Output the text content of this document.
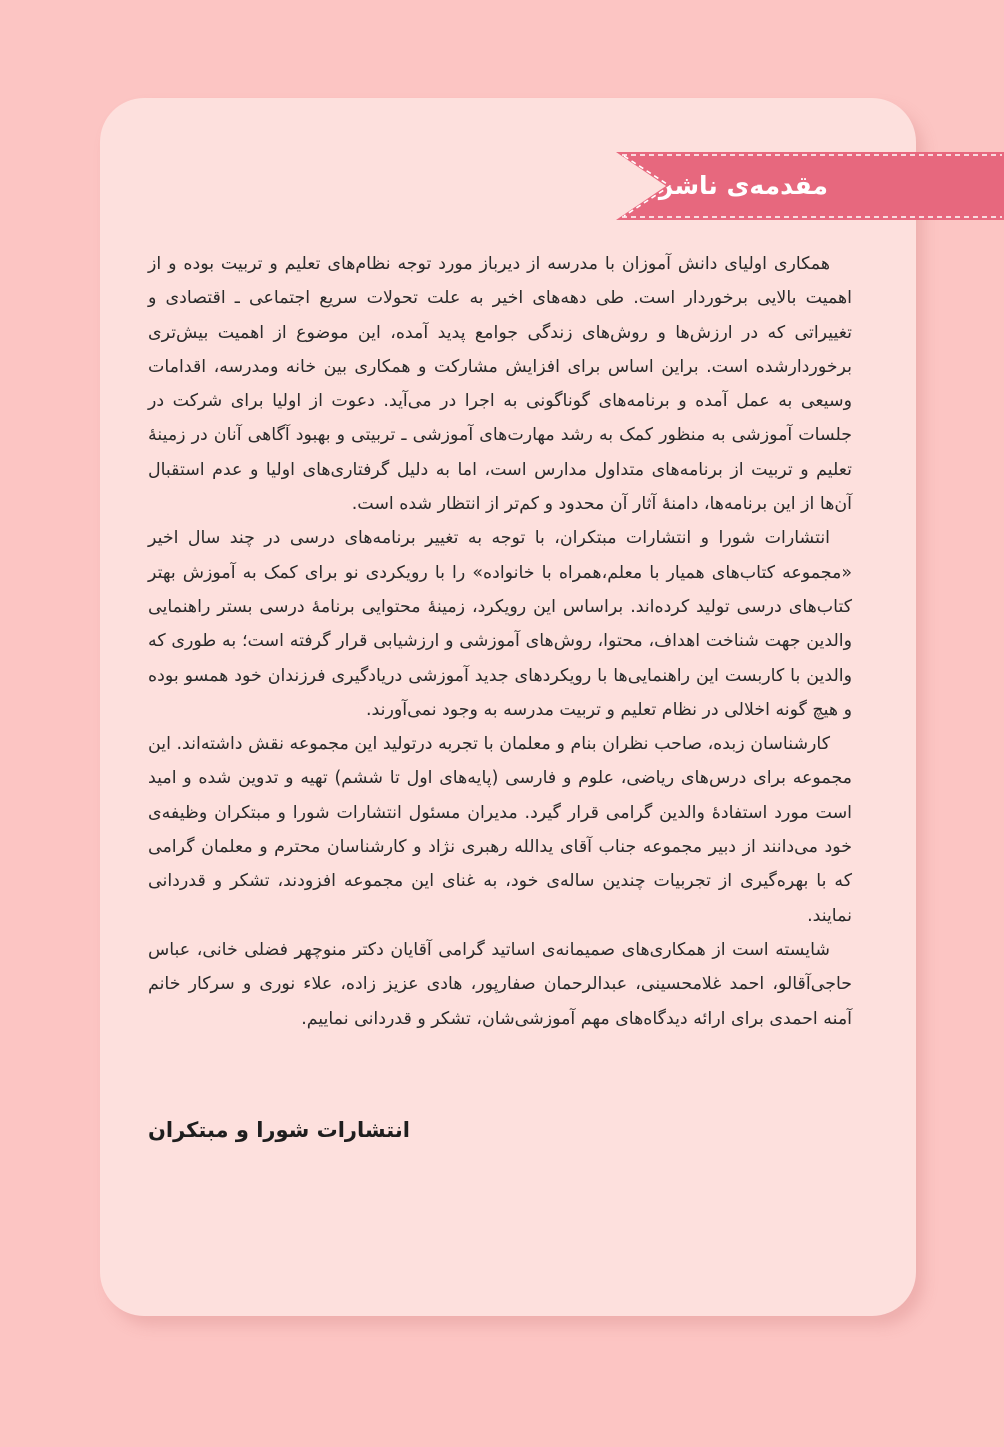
مقدمه‌ی ناشر

همکاری اولیای دانش آموزان با مدرسه از دیرباز مورد توجه نظام‌های تعلیم و تربیت بوده و از اهمیت بالایی برخوردار است. طی دهه‌های اخیر به علت تحولات سریع اجتماعی ـ اقتصادی و تغییراتی که در ارزش‌ها و روش‌های زندگی جوامع پدید آمده، این موضوع از اهمیت بیش‌تری برخوردارشده است. براین اساس برای افزایش مشارکت و همکاری بین خانه ومدرسه، اقدامات وسیعی به عمل آمده و برنامه‌های گوناگونی به اجرا در می‌آید. دعوت از اولیا برای شرکت در جلسات آموزشی به منظور کمک به رشد مهارت‌های آموزشی ـ تربیتی و بهبود آگاهی آنان در زمینهٔ تعلیم و تربیت از برنامه‌های متداول مدارس است، اما به دلیل گرفتاری‌های اولیا و عدم استقبال آن‌ها از این برنامه‌ها، دامنهٔ آثار آن محدود و کم‌تر از انتظار شده است.

انتشارات شورا و انتشارات مبتکران، با توجه به تغییر برنامه‌های درسی در چند سال اخیر «مجموعه کتاب‌های همیار با معلم،همراه با خانواده» را با رویکردی نو برای کمک به آموزش بهتر کتاب‌های درسی تولید کرده‌اند. براساس این رویکرد، زمینهٔ محتوایی برنامهٔ درسی بستر راهنمایی والدین جهت شناخت اهداف، محتوا، روش‌های آموزشی و ارزشیابی قرار گرفته است؛ به طوری که والدین با کاربست این راهنمایی‌ها با رویکردهای جدید آموزشی دریادگیری فرزندان خود همسو بوده و هیچ گونه اخلالی در نظام تعلیم و تربیت مدرسه به وجود نمی‌آورند.

کارشناسان زبده، صاحب نظران بنام و معلمان با تجربه درتولید این مجموعه نقش داشته‌اند. این مجموعه برای درس‌های ریاضی، علوم و فارسی (پایه‌های اول تا ششم) تهیه و تدوین شده و امید است مورد استفادهٔ والدین گرامی قرار گیرد. مدیران مسئول انتشارات شورا و مبتکران وظیفه‌ی خود می‌دانند از دبیر مجموعه جناب آقای یدالله رهبری نژاد و کارشناسان محترم و معلمان گرامی که با بهره‌گیری از تجربیات چندین ساله‌ی خود، به غنای این مجموعه افزودند، تشکر و قدردانی نمایند.

شایسته است از همکاری‌های صمیمانه‌ی اساتید گرامی آقایان دکتر منوچهر فضلی خانی، عباس حاجی‌آقالو، احمد غلامحسینی، عبدالرحمان صفارپور، هادی عزیز زاده، علاء نوری و سرکار خانم آمنه احمدی برای ارائه دیدگاه‌های مهم آموزشی‌شان، تشکر و قدردانی نماییم.

انتشارات شورا و مبتکران
